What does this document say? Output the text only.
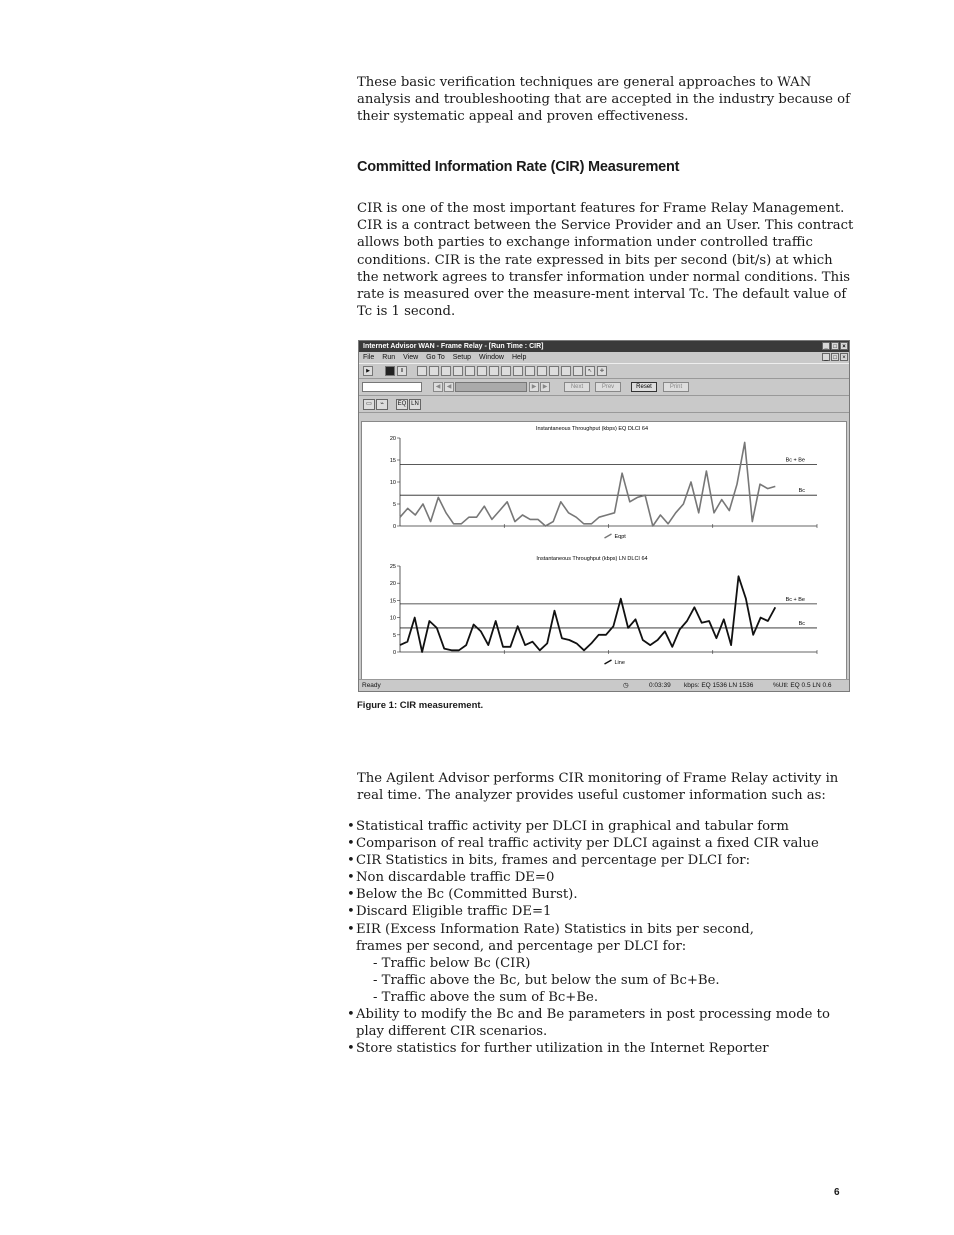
These basic verification techniques are general approaches to WAN analysis and troubleshooting that are accepted in the industry because of their systematic appeal and proven effectiveness.

Committed Information Rate (CIR) Measurement

CIR is one of the most important features for Frame Relay Management. CIR is a contract between the Service Provider and an User. This contract allows both parties to exchange information under controlled traffic conditions. CIR is the rate expressed in bits per second (bit/s) at which the network agrees to transfer information under normal conditions. This rate is measured over the measure-ment interval Tc. The default value of Tc is 1 second.

Internet Advisor WAN - Frame Relay - [Run Time : CIR]	_ □ ×
File Run View Go To Setup Window Help	_ □ ×
▶	II	↖	✛
◀	◀	▶	▶	Next	Prev	Reset	Print
▭	⌁	EQ LN
Instantaneous Throughput (kbps) EQ DLCI 64
0
5
10
15
20
Bc + Be
Bc
Eqpt
Instantaneous Throughput (kbps) LN DLCI 64
0
5
10
15
20
25
Bc + Be
Bc
Line
Ready	◷	0:03:39 kbps: EQ 1536 LN 1536	%Utl: EQ 0.5 LN 0.6

Figure 1: CIR measurement.

The Agilent Advisor performs CIR monitoring of Frame Relay activity in real time. The analyzer provides useful customer information such as:

• Statistical traffic activity per DLCI in graphical and tabular form
• Comparison of real traffic activity per DLCI against a fixed CIR value
• CIR Statistics in bits, frames and percentage per DLCI for:
• Non discardable traffic DE=0
• Below the Bc (Committed Burst).
• Discard Eligible traffic DE=1
• EIR (Excess Information Rate) Statistics in bits per second,
frames per second, and percentage per DLCI for:
- Traffic below Bc (CIR)
- Traffic above the Bc, but below the sum of Bc+Be.
- Traffic above the sum of Bc+Be.
• Ability to modify the Bc and Be parameters in post processing mode to
play different CIR scenarios.
• Store statistics for further utilization in the Internet Reporter
6
